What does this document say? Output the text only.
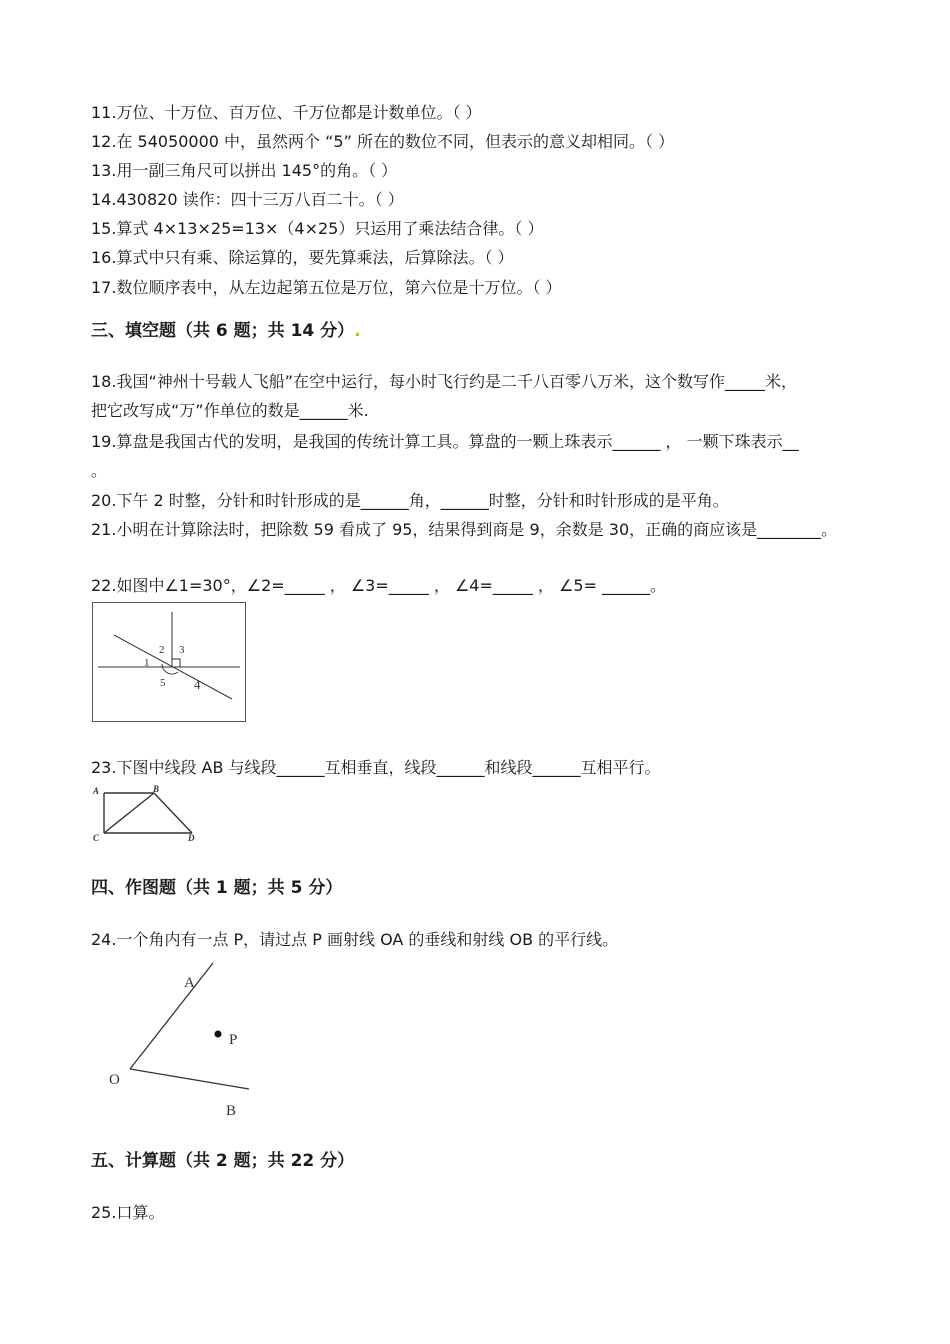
11.万位、十万位、百万位、千万位都是计数单位。（ ）
12.在 54050000 中，虽然两个 “5” 所在的数位不同，但表示的意义却相同。（ ）
13.用一副三角尺可以拼出 145°的角。（ ）
14.430820 读作：四十三万八百二十。（ ）
15.算式 4×13×25=13×（4×25）只运用了乘法结合律。（ ）
16.算式中只有乘、除运算的，要先算乘法，后算除法。（ ）
17.数位顺序表中，从左边起第五位是万位，第六位是十万位。（ ）
三、填空题（共 6 题；共 14 分）.
18.我国“神州十号载人飞船”在空中运行，每小时飞行约是二千八百零八万米，这个数写作_____米，
把它改写成“万”作单位的数是______米.
19.算盘是我国古代的发明，是我国的传统计算工具。算盘的一颗上珠表示______ ， 一颗下珠表示__
。
20.下午 2 时整，分针和时针形成的是______角，______时整，分针和时针形成的是平角。
21.小明在计算除法时，把除数 59 看成了 95，结果得到商是 9，余数是 30，正确的商应该是________。
22.如图中∠1=30°，∠2=_____ ， ∠3=_____ ， ∠4=_____ ， ∠5= ______。
1
2 3
4
5
23.下图中线段 AB 与线段______互相垂直，线段______和线段______互相平行。
A	B
C	D
四、作图题（共 1 题；共 5 分）
24.一个角内有一点 P，请过点 P 画射线 OA 的垂线和射线 OB 的平行线。
A
P
O
B
五、计算题（共 2 题；共 22 分）
25.口算。
